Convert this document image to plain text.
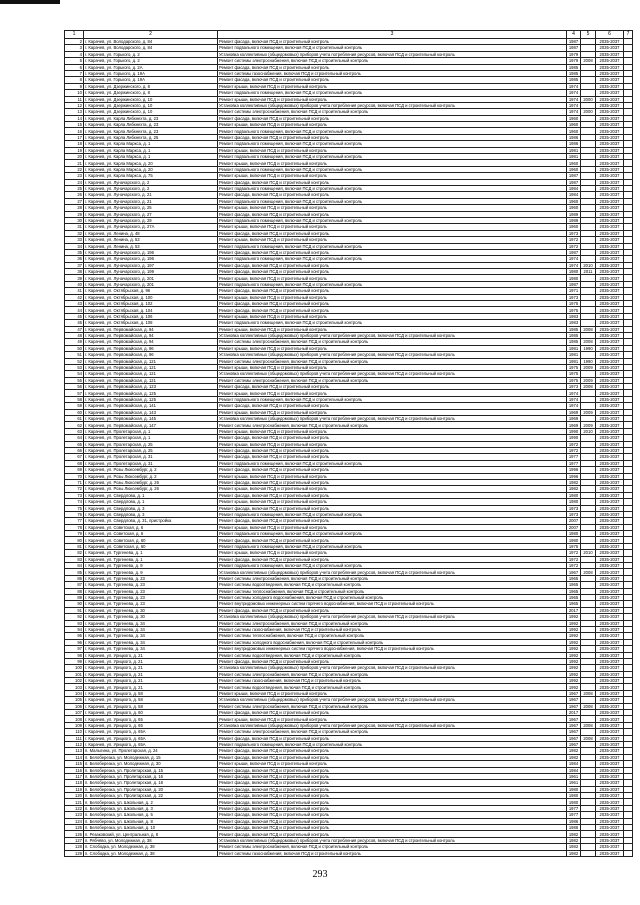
1	2	3	4	5	6	7
2	г. Карачев, ул. Володарского, д. 84	Ремонт фасада, включая ПСД и строительный контроль	1987		2035-2037	
3	г. Карачев, ул. Володарского, д. 84	Ремонт подвального помещения, включая ПСД и строительный контроль	1987		2035-2037	
4	г. Карачев, ул. Горького, д. 2	Установка коллективных (общедомовых) приборов учета потребления ресурсов, включая ПСД и строительный контроль	1979		2035-2037	
5	г. Карачев, ул. Горького, д. 2	Ремонт системы электроснабжения, включая ПСД и строительный контроль	1979	2008	2035-2037	
6	г. Карачев, ул. Горького, д. 2А	Ремонт фасада, включая ПСД и строительный контроль	1985		2035-2037	
7	г. Карачев, ул. Горького, д. 19А	Ремонт системы газоснабжения, включая ПСД и строительный контроль	1985		2035-2037	
8	г. Карачев, ул. Горького, д. 19А	Ремонт фасада, включая ПСД и строительный контроль	1985		2035-2037	
9	г. Карачев, ул. Дзержинского, д. 8	Ремонт крыши, включая ПСД и строительный контроль	1974		2035-2037	
10	г. Карачев, ул. Дзержинского, д. 8	Ремонт подвального помещения, включая ПСД и строительный контроль	1974		2035-2037	
11	г. Карачев, ул. Дзержинского, д. 10	Ремонт крыши, включая ПСД и строительный контроль	1974	2000	2035-2037	
12	г. Карачев, ул. Дзержинского, д. 10	Установка коллективных (общедомовых) приборов учета потребления ресурсов, включая ПСД и строительный контроль	1974		2035-2037	
13	г. Карачев, ул. Дзержинского, д. 10	Ремонт системы электроснабжения, включая ПСД и строительный контроль	1974	2000	2035-2037	
14	г. Карачев, ул. Карла Либкнехта, д. 23	Ремонт фасада, включая ПСД и строительный контроль	1960		2035-2037	
15	г. Карачев, ул. Карла Либкнехта, д. 23	Ремонт крыши, включая ПСД и строительный контроль	1960		2035-2037	
16	г. Карачев, ул. Карла Либкнехта, д. 23	Ремонт подвального помещения, включая ПСД и строительный контроль	1960		2035-2037	
17	г. Карачев, ул. Карла Либкнехта, д. 25	Ремонт фасада, включая ПСД и строительный контроль	1986		2035-2037	
18	г. Карачев, ул. Карла Маркса, д. 1	Ремонт подвального помещения, включая ПСД и строительный контроль	1986		2035-2037	
19	г. Карачев, ул. Карла Маркса, д. 1	Ремонт крыши, включая ПСД и строительный контроль	1981		2035-2037	
20	г. Карачев, ул. Карла Маркса, д. 1	Ремонт подвального помещения, включая ПСД и строительный контроль	1981		2035-2037	
21	г. Карачев, ул. Карла Маркса, д. 20	Ремонт крыши, включая ПСД и строительный контроль	1960		2035-2037	
22	г. Карачев, ул. Карла Маркса, д. 20	Ремонт подвального помещения, включая ПСД и строительный контроль	1960		2035-2037	
23	г. Карачев, ул. Карла Маркса, д. 75	Ремонт крыши, включая ПСД и строительный контроль	1987		2035-2037	
24	г. Карачев, ул. Луначарского, д. 2	Ремонт фасада, включая ПСД и строительный контроль	1987		2035-2037	
25	г. Карачев, ул. Луначарского, д. 2	Ремонт подвального помещения, включая ПСД и строительный контроль	1984		2035-2037	
26	г. Карачев, ул. Луначарского, д. 21	Ремонт фасада, включая ПСД и строительный контроль	1984		2035-2037	
27	г. Карачев, ул. Луначарского, д. 21	Ремонт подвального помещения, включая ПСД и строительный контроль	1960		2035-2037	
28	г. Карачев, ул. Луначарского, д. 25	Ремонт крыши, включая ПСД и строительный контроль	1960		2035-2037	
29	г. Карачев, ул. Луначарского, д. 27	Ремонт фасада, включая ПСД и строительный контроль	1989		2035-2037	
30	г. Карачев, ул. Луначарского, д. 29	Ремонт подвального помещения, включая ПСД и строительный контроль	1989		2035-2037	
31	г. Карачев, ул. Луначарского, д. 27А	Ремонт крыши, включая ПСД и строительный контроль	1960		2035-2037	
32	г. Карачев, ул. Ленина, д. 48	Ремонт фасада, включая ПСД и строительный контроль	1973		2035-2037	
33	г. Карачев, ул. Ленина, д. 53	Ремонт крыши, включая ПСД и строительный контроль	1972		2035-2037	
34	г. Карачев, ул. Ленина, д. 53	Ремонт подвального помещения, включая ПСД и строительный контроль	1972		2035-2037	
35	г. Карачев, ул. Луначарского, д. 196	Ремонт фасада, включая ПСД и строительный контроль	1987		2035-2037	
36	г. Карачев, ул. Луначарского, д. 196	Ремонт подвального помещения, включая ПСД и строительный контроль	1974		2035-2037	
37	г. Карачев, ул. Луначарского, д. 197	Ремонт фасада, включая ПСД и строительный контроль	1974	2010	2035-2037	
38	г. Карачев, ул. Луначарского, д. 199	Ремонт фасада, включая ПСД и строительный контроль	1980	2011	2035-2037	
39	г. Карачев, ул. Луначарского, д. 201	Ремонт крыши, включая ПСД и строительный контроль	1980		2035-2037	
40	г. Карачев, ул. Луначарского, д. 201	Ремонт подвального помещения, включая ПСД и строительный контроль	1987		2035-2037	
41	г. Карачев, ул. Октябрьская, д. 96	Ремонт фасада, включая ПСД и строительный контроль	1971		2035-2037	
42	г. Карачев, ул. Октябрьская, д. 100	Ремонт крыши, включая ПСД и строительный контроль	1973		2035-2037	
43	г. Карачев, ул. Октябрьская, д. 102	Ремонт фасада, включая ПСД и строительный контроль	1975		2035-2037	
44	г. Карачев, ул. Октябрьская, д. 104	Ремонт фасада, включая ПСД и строительный контроль	1975		2035-2037	
45	г. Карачев, ул. Октябрьская, д. 106	Ремонт крыши, включая ПСД и строительный контроль	1983		2035-2037	
46	г. Карачев, ул. Октябрьская, д. 108	Ремонт подвального помещения, включая ПСД и строительный контроль	1983		2035-2037	
47	г. Карачев, ул. Первомайская, д. 94	Ремонт крыши, включая ПСД и строительный контроль	1985	2008	2035-2037	
48	г. Карачев, ул. Первомайская, д. 94	Установка коллективных (общедомовых) приборов учета потребления ресурсов, включая ПСД и строительный контроль	1985		2035-2037	
49	г. Карачев, ул. Первомайская, д. 94	Ремонт системы электроснабжения, включая ПСД и строительный контроль	1985	2008	2035-2037	
50	г. Карачев, ул. Первомайская, д. 96	Ремонт крыши, включая ПСД и строительный контроль	1981	1990	2035-2037	
51	г. Карачев, ул. Первомайская, д. 96	Установка коллективных (общедомовых) приборов учета потребления ресурсов, включая ПСД и строительный контроль	1981		2035-2037	
52	г. Карачев, ул. Первомайская, д. 121	Ремонт системы электроснабжения, включая ПСД и строительный контроль	1981	1990	2035-2037	
53	г. Карачев, ул. Первомайская, д. 121	Ремонт крыши, включая ПСД и строительный контроль	1975	2009	2035-2037	
54	г. Карачев, ул. Первомайская, д. 121	Установка коллективных (общедомовых) приборов учета потребления ресурсов, включая ПСД и строительный контроль	1975		2035-2037	
55	г. Карачев, ул. Первомайская, д. 121	Ремонт системы электроснабжения, включая ПСД и строительный контроль	1975	2009	2035-2037	
56	г. Карачев, ул. Первомайская, д. 123	Ремонт фасада, включая ПСД и строительный контроль	1973	2008	2035-2037	
57	г. Карачев, ул. Первомайская, д. 125	Ремонт крыши, включая ПСД и строительный контроль	1974		2035-2037	
58	г. Карачев, ул. Первомайская, д. 125	Ремонт подвального помещения, включая ПСД и строительный контроль	1974		2035-2037	
59	г. Карачев, ул. Первомайская, д. 141	Ремонт фасада, включая ПСД и строительный контроль	1974		2035-2037	
60	г. Карачев, ул. Первомайская, д. 143	Ремонт крыши, включая ПСД и строительный контроль	1969	2009	2035-2037	
61	г. Карачев, ул. Первомайская, д. 145	Установка коллективных (общедомовых) приборов учета потребления ресурсов, включая ПСД и строительный контроль	1969		2035-2037	
62	г. Карачев, ул. Первомайская, д. 147	Ремонт системы электроснабжения, включая ПСД и строительный контроль	1969	2009	2035-2037	
63	г. Карачев, ул. Пролетарская, д. 1	Ремонт крыши, включая ПСД и строительный контроль	1990	2010	2035-2037	
64	г. Карачев, ул. Пролетарская, д. 1	Ремонт фасада, включая ПСД и строительный контроль	1990		2035-2037	
65	г. Карачев, ул. Пролетарская, д. 25	Ремонт крыши, включая ПСД и строительный контроль	1972		2035-2037	
66	г. Карачев, ул. Пролетарская, д. 25	Ремонт фасада, включая ПСД и строительный контроль	1972		2035-2037	
67	г. Карачев, ул. Пролетарская, д. 31	Ремонт фасада, включая ПСД и строительный контроль	1977		2035-2037	
68	г. Карачев, ул. Пролетарская, д. 31	Ремонт подвального помещения, включая ПСД и строительный контроль	1977		2035-2037	
69	г. Карачев, ул. Розы Люксембург, д. 2	Ремонт фасада, включая ПСД и строительный контроль	1996		2035-2037	
70	г. Карачев, ул. Розы Люксембург, д. 2	Ремонт крыши, включая ПСД и строительный контроль	1996		2035-2037	
71	г. Карачев, ул. Розы Люксембург, д. 26	Ремонт фасада, включая ПСД и строительный контроль	1982		2035-2037	
72	г. Карачев, ул. Розы Люксембург, д. 26	Ремонт крыши, включая ПСД и строительный контроль	1982		2035-2037	
73	г. Карачев, ул. Свердлова, д. 1	Ремонт фасада, включая ПСД и строительный контроль	1980		2035-2037	
74	г. Карачев, ул. Свердлова, д. 1	Ремонт крыши, включая ПСД и строительный контроль	1980		2035-2037	
75	г. Карачев, ул. Свердлова, д. 3	Ремонт фасада, включая ПСД и строительный контроль	1973		2035-2037	
76	г. Карачев, ул. Свердлова, д. 3	Ремонт подвального помещения, включая ПСД и строительный контроль	1973		2035-2037	
77	г. Карачев, ул. Свердлова, д. 31, пристройка	Ремонт фасада, включая ПСД и строительный контроль	2007		2035-2037	
78	г. Карачев, ул. Советская, д. 6	Ремонт крыши, включая ПСД и строительный контроль	2007		2035-2037	
79	г. Карачев, ул. Советская, д. 6	Ремонт подвального помещения, включая ПСД и строительный контроль	1980		2035-2037	
80	г. Карачев, ул. Советская, д. 60	Ремонт фасада, включая ПСД и строительный контроль	1980		2035-2037	
81	г. Карачев, ул. Советская, д. 60	Ремонт подвального помещения, включая ПСД и строительный контроль	1975		2035-2037	
82	г. Карачев, ул. Тургенева, д. 1	Ремонт крыши, включая ПСД и строительный контроль	1972	2010	2035-2037	
83	г. Карачев, ул. Тургенева, д. 1	Ремонт фасада, включая ПСД и строительный контроль	1972		2035-2037	
84	г. Карачев, ул. Тургенева, д. 9	Ремонт подвального помещения, включая ПСД и строительный контроль	1972		2035-2037	
85	г. Карачев, ул. Тургенева, д. 9	Установка коллективных (общедомовых) приборов учета потребления ресурсов, включая ПСД и строительный контроль	1967	2008	2035-2037	
86	г. Карачев, ул. Тургенева, д. 23	Ремонт системы электроснабжения, включая ПСД и строительный контроль	1965		2035-2037	
87	г. Карачев, ул. Тургенева, д. 23	Ремонт системы водоотведения, включая ПСД и строительный контроль	1965		2035-2037	
88	г. Карачев, ул. Тургенева, д. 23	Ремонт системы теплоснабжения, включая ПСД и строительный контроль	1965		2035-2037	
89	г. Карачев, ул. Тургенева, д. 23	Ремонт системы холодного водоснабжения, включая ПСД и строительный контроль	1965		2035-2037	
90	г. Карачев, ул. Тургенева, д. 23	Ремонт внутридомовых инженерных систем горячего водоснабжения, включая ПСД и строительный контроль	1965		2035-2037	
91	г. Карачев, ул. Тургенева, д. 30	Ремонт фасада, включая ПСД и строительный контроль	2017		2035-2037	
92	г. Карачев, ул. Тургенева, д. 30	Установка коллективных (общедомовых) приборов учета потребления ресурсов, включая ПСД и строительный контроль	1992		2035-2037	
93	г. Карачев, ул. Тургенева, д. 34	Ремонт системы электроснабжения, включая ПСД и строительный контроль	1992		2035-2037	
94	г. Карачев, ул. Тургенева, д. 34	Ремонт системы газоснабжения, включая ПСД и строительный контроль	1992		2035-2037	
95	г. Карачев, ул. Тургенева, д. 34	Ремонт системы теплоснабжения, включая ПСД и строительный контроль	1992		2035-2037	
96	г. Карачев, ул. Тургенева, д. 34	Ремонт системы холодного водоснабжения, включая ПСД и строительный контроль	1992		2035-2037	
97	г. Карачев, ул. Тургенева, д. 34	Ремонт внутридомовых инженерных систем горячего водоснабжения, включая ПСД и строительный контроль	1992		2035-2037	
98	г. Карачев, ул. Урицкого, д. 21	Ремонт системы водоотведения, включая ПСД и строительный контроль	1992		2035-2037	
99	г. Карачев, ул. Урицкого, д. 21	Ремонт фасада, включая ПСД и строительный контроль	1992		2035-2037	
100	г. Карачев, ул. Урицкого, д. 21	Установка коллективных (общедомовых) приборов учета потребления ресурсов, включая ПСД и строительный контроль	1992		2035-2037	
101	г. Карачев, ул. Урицкого, д. 21	Ремонт системы электроснабжения, включая ПСД и строительный контроль	1992		2035-2037	
102	г. Карачев, ул. Урицкого, д. 21	Ремонт системы газоснабжения, включая ПСД и строительный контроль	1992		2035-2037	
103	г. Карачев, ул. Урицкого, д. 21	Ремонт системы водоотведения, включая ПСД и строительный контроль	1992		2035-2037	
104	г. Карачев, ул. Урицкого, д. 58	Ремонт крыши, включая ПСД и строительный контроль	1967	2008	2035-2037	
105	г. Карачев, ул. Урицкого, д. 58	Установка коллективных (общедомовых) приборов учета потребления ресурсов, включая ПСД и строительный контроль	1967		2035-2037	
106	г. Карачев, ул. Урицкого, д. 58	Ремонт системы электроснабжения, включая ПСД и строительный контроль	1967	2008	2035-2037	
107	г. Карачев, ул. Урицкого, д. 60	Ремонт фасада, включая ПСД и строительный контроль	2017		2035-2037	
108	г. Карачев, ул. Урицкого, д. 65	Ремонт крыши, включая ПСД и строительный контроль	1967		2035-2037	
109	г. Карачев, ул. Урицкого, д. 65	Установка коллективных (общедомовых) приборов учета потребления ресурсов, включая ПСД и строительный контроль	1967	2008	2035-2037	
110	г. Карачев, ул. Урицкого, д. 65А	Ремонт системы электроснабжения, включая ПСД и строительный контроль	1967		2035-2037	
111	г. Карачев, ул. Урицкого, д. 65А	Ремонт фасада, включая ПСД и строительный контроль	1967	2008	2035-2037	
112	г. Карачев, ул. Урицкого, д. 65А	Ремонт подвального помещения, включая ПСД и строительный контроль	1967		2035-2037	
113	п. Малыгина, ул. Пролетарская, д. 24	Ремонт фасада, включая ПСД и строительный контроль	1982		2035-2037	
114	п. Белоберезка, ул. Молодежная, д. 15	Ремонт фасада, включая ПСД и строительный контроль	1982		2035-2037	
115	п. Белоберезка, ул. Молодежная, д. 30	Ремонт крыши, включая ПСД и строительный контроль	1984		2035-2037	
116	п. Белоберезка, ул. Пролетарская, д. 15	Ремонт фасада, включая ПСД и строительный контроль	1984		2035-2037	
117	п. Белоберезка, ул. Пролетарская, д. 16	Ремонт фасада, включая ПСД и строительный контроль	1961		2035-2037	
118	п. Белоберезка, ул. Пролетарская, д. 18	Ремонт фасада, включая ПСД и строительный контроль	1961		2035-2037	
119	п. Белоберезка, ул. Пролетарская, д. 20	Ремонт фасада, включая ПСД и строительный контроль	1980		2035-2037	
120	п. Белоберезка, ул. Пролетарская, д. 22	Ремонт фасада, включая ПСД и строительный контроль	1980		2035-2037	
121	п. Белоберезка, ул. Школьная, д. 2	Ремонт фасада, включая ПСД и строительный контроль	1980		2035-2037	
122	п. Белоберезка, ул. Школьная, д. 3	Ремонт фасада, включая ПСД и строительный контроль	1977		2035-2037	
123	п. Белоберезка, ул. Школьная, д. 5	Ремонт фасада, включая ПСД и строительный контроль	1977		2035-2037	
124	п. Белоберезка, ул. Школьная, д. 8	Ремонт фасада, включая ПСД и строительный контроль	1986		2035-2037	
125	п. Белоберезка, ул. Школьная, д. 10	Ремонт фасада, включая ПСД и строительный контроль	1986		2035-2037	
126	п. Резаковский, ул. Центральная, д. 8	Ремонт фасада, включая ПСД и строительный контроль	1982		2035-2037	
127	п. Рябчёво, ул. Молодежная, д. 38	Установка коллективных (общедомовых) приборов учета потребления ресурсов, включая ПСД и строительный контроль	1982		2035-2037	
128	п. Слободка, ул. Молодежная, д. 38	Ремонт системы электроснабжения, включая ПСД и строительный контроль	1982		2035-2037	
129	п. Слободка, ул. Молодежная, д. 38	Ремонт системы газоснабжения, включая ПСД и строительный контроль	1982		2035-2037	
293
